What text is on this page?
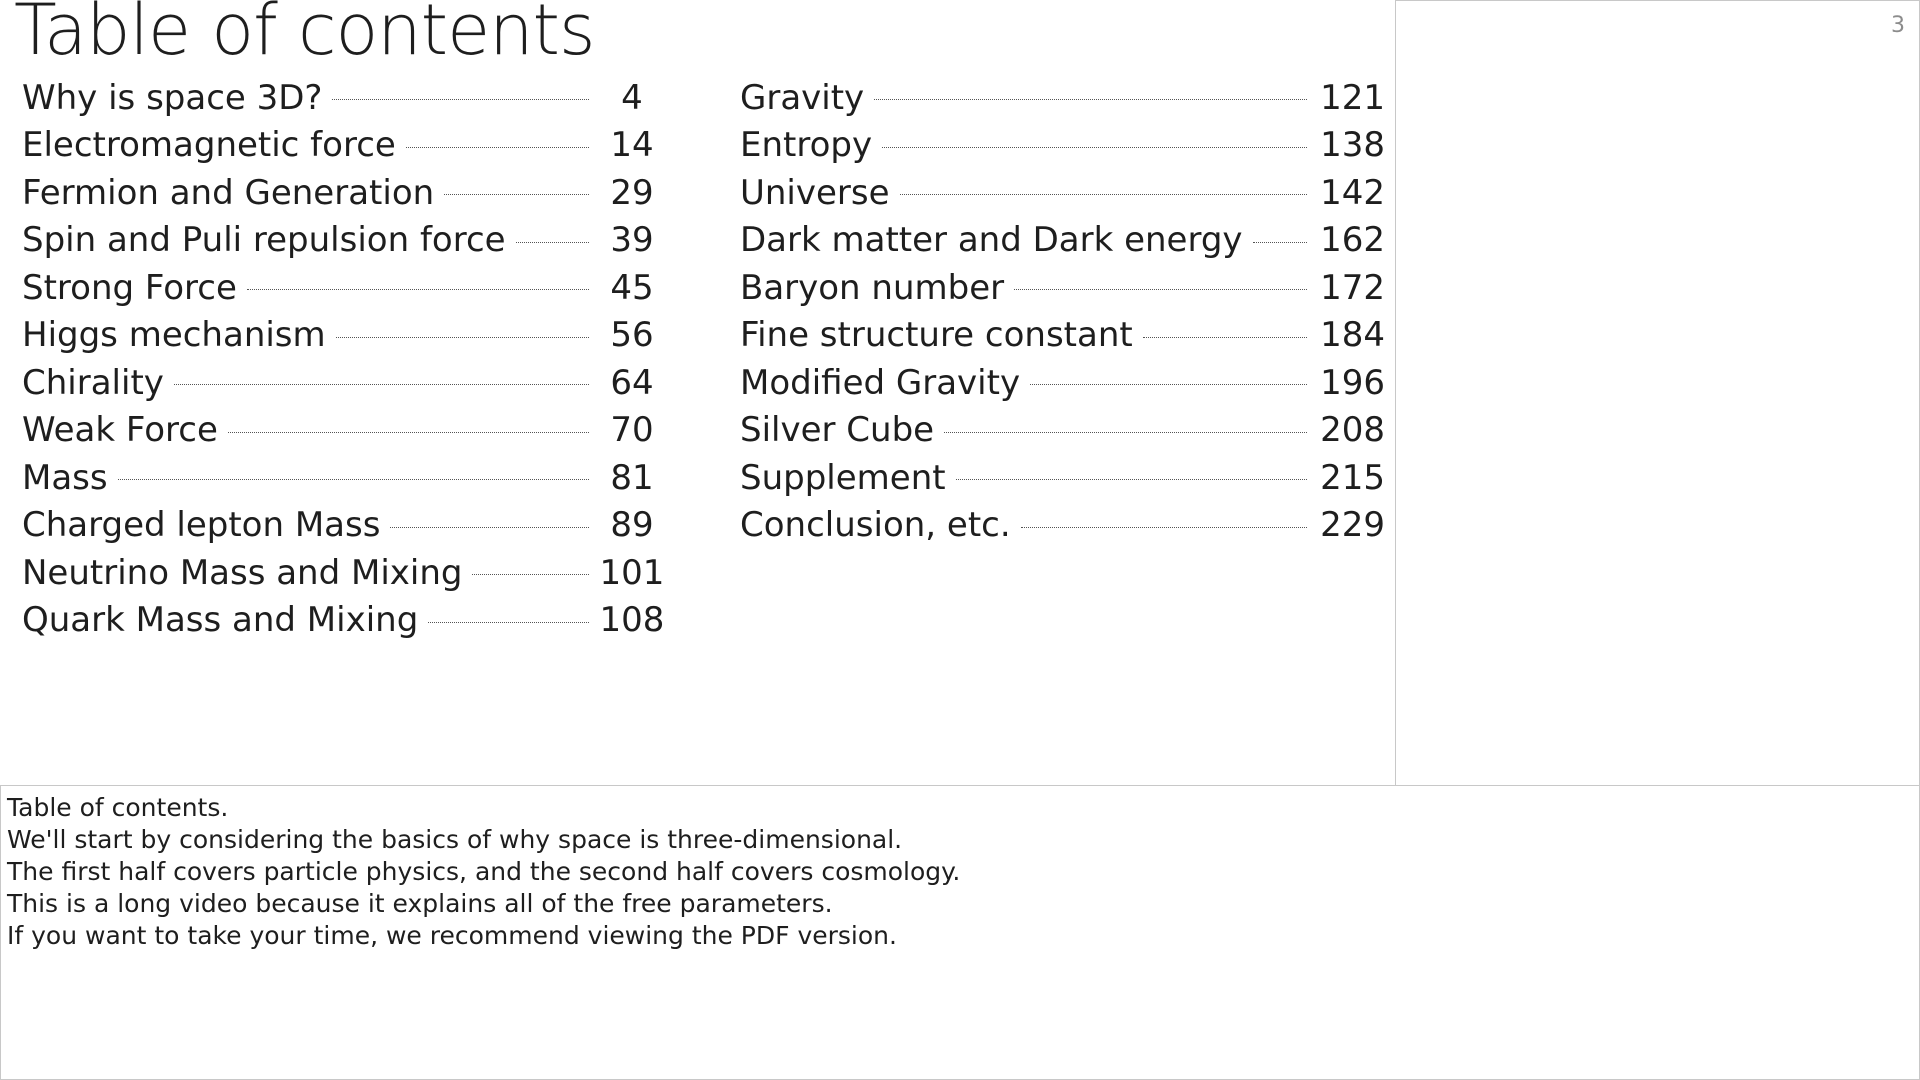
Table of contents
Why is space 3D?	4
Electromagnetic force	14
Fermion and Generation	29
Spin and Puli repulsion force	39
Strong Force	45
Higgs mechanism	56
Chirality	64
Weak Force	70
Mass	81
Charged lepton Mass	89
Neutrino Mass and Mixing	101
Quark Mass and Mixing	108
Gravity	121
Entropy	138
Universe	142
Dark matter and Dark energy	162
Baryon number	172
Fine structure constant	184
Modified Gravity	196
Silver Cube	208
Supplement	215
Conclusion, etc.	229
3
Table of contents.
We'll start by considering the basics of why space is three-dimensional.
The first half covers particle physics, and the second half covers cosmology.
This is a long video because it explains all of the free parameters.
If you want to take your time, we recommend viewing the PDF version.
